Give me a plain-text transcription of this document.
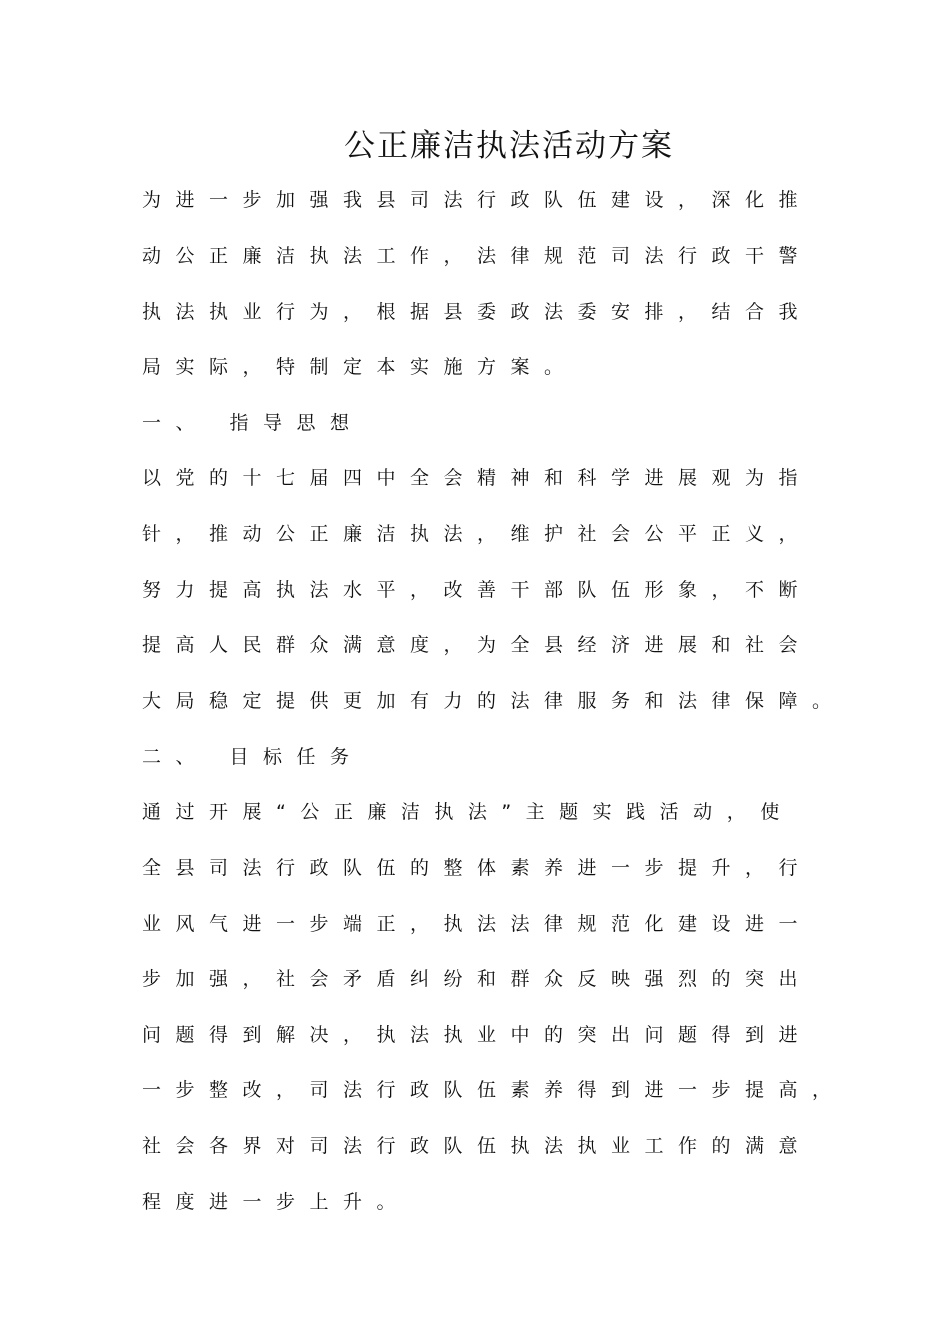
公正廉洁执法活动方案
为进一步加强我县司法行政队伍建设，深化推
动公正廉洁执法工作，法律规范司法行政干警
执法执业行为，根据县委政法委安排，结合我
局实际，特制定本实施方案。
一、 指导思想
以党的十七届四中全会精神和科学进展观为指
针，推动公正廉洁执法，维护社会公平正义，
努力提高执法水平，改善干部队伍形象，不断
提高人民群众满意度，为全县经济进展和社会
大局稳定提供更加有力的法律服务和法律保障。
二、 目标任务
通过开展“公正廉洁执法”主题实践活动，使
全县司法行政队伍的整体素养进一步提升，行
业风气进一步端正，执法法律规范化建设进一
步加强，社会矛盾纠纷和群众反映强烈的突出
问题得到解决，执法执业中的突出问题得到进
一步整改，司法行政队伍素养得到进一步提高，
社会各界对司法行政队伍执法执业工作的满意
程度进一步上升。
